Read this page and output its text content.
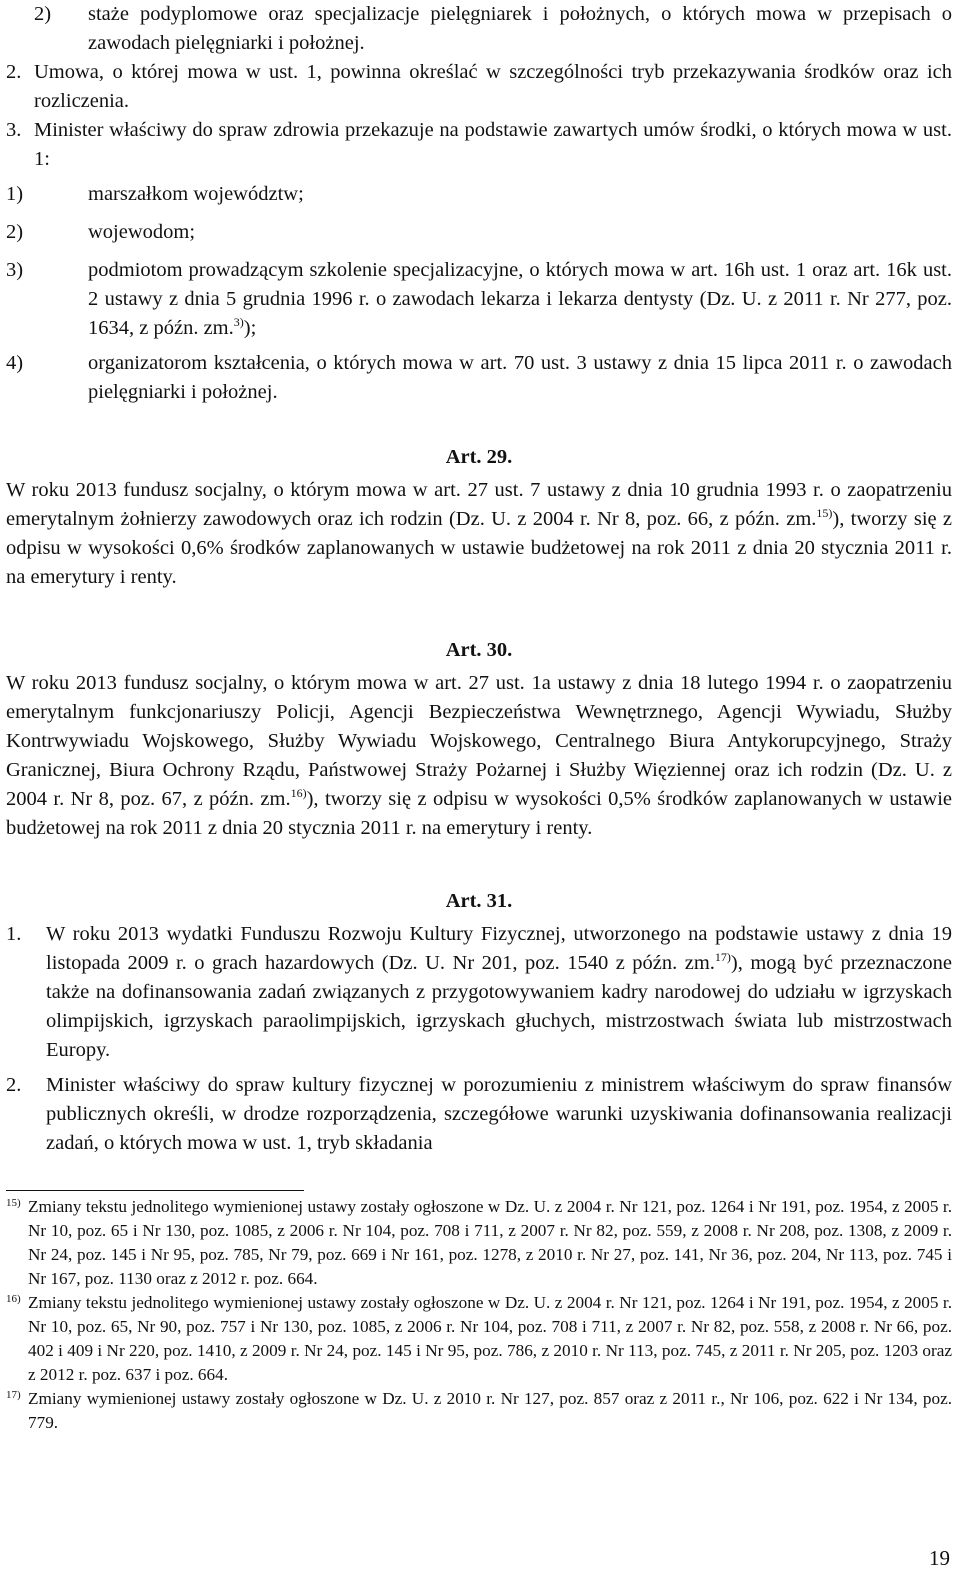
2)	staże podyplomowe oraz specjalizacje pielęgniarek i położnych, o których mowa w przepisach o zawodach pielęgniarki i położnej.
2. Umowa, o której mowa w ust. 1, powinna określać w szczególności tryb przekazywania środków oraz ich rozliczenia.
3. Minister właściwy do spraw zdrowia przekazuje na podstawie zawartych umów środki, o których mowa w ust. 1:
1)	marszałkom województw;
2)	wojewodom;
3)	podmiotom prowadzącym szkolenie specjalizacyjne, o których mowa w art. 16h ust. 1 oraz art. 16k ust. 2 ustawy z dnia 5 grudnia 1996 r. o zawodach lekarza i lekarza dentysty (Dz. U. z 2011 r. Nr 277, poz. 1634, z późn. zm.$^{3)}$);
4)	organizatorom kształcenia, o których mowa w art. 70 ust. 3 ustawy z dnia 15 lipca 2011 r. o zawodach pielęgniarki i położnej.
Art. 29.

W roku 2013 fundusz socjalny, o którym mowa w art. 27 ust. 7 ustawy z dnia 10 grudnia 1993 r. o zaopatrzeniu emerytalnym żołnierzy zawodowych oraz ich rodzin (Dz. U. z 2004 r. Nr 8, poz. 66, z późn. zm.$^{15)}$), tworzy się z odpisu w wysokości 0,6% środków zaplanowanych w ustawie budżetowej na rok 2011 z dnia 20 stycznia 2011 r. na emerytury i renty.

Art. 30.

W roku 2013 fundusz socjalny, o którym mowa w art. 27 ust. 1a ustawy z dnia 18 lutego 1994 r. o zaopatrzeniu emerytalnym funkcjonariuszy Policji, Agencji Bezpieczeństwa Wewnętrznego, Agencji Wywiadu, Służby Kontrwywiadu Wojskowego, Służby Wywiadu Wojskowego, Centralnego Biura Antykorupcyjnego, Straży Granicznej, Biura Ochrony Rządu, Państwowej Straży Pożarnej i Służby Więziennej oraz ich rodzin (Dz. U. z 2004 r. Nr 8, poz. 67, z późn. zm.$^{16)}$), tworzy się z odpisu w wysokości 0,5% środków zaplanowanych w ustawie budżetowej na rok 2011 z dnia 20 stycznia 2011 r. na emerytury i renty.

Art. 31.
1.	W roku 2013 wydatki Funduszu Rozwoju Kultury Fizycznej, utworzonego na podstawie ustawy z dnia 19 listopada 2009 r. o grach hazardowych (Dz. U. Nr 201, poz. 1540 z późn. zm.$^{17)}$), mogą być przeznaczone także na dofinansowania zadań związanych z przygotowywaniem kadry narodowej do udziału w igrzyskach olimpijskich, igrzyskach paraolimpijskich, igrzyskach głuchych, mistrzostwach świata lub mistrzostwach Europy.
2.	Minister właściwy do spraw kultury fizycznej w porozumieniu z ministrem właściwym do spraw finansów publicznych określi, w drodze rozporządzenia, szczegółowe warunki uzyskiwania dofinansowania realizacji zadań, o których mowa w ust. 1, tryb składania
15) Zmiany tekstu jednolitego wymienionej ustawy zostały ogłoszone w Dz. U. z 2004 r. Nr 121, poz. 1264 i Nr 191, poz. 1954, z 2005 r. Nr 10, poz. 65 i Nr 130, poz. 1085, z 2006 r. Nr 104, poz. 708 i 711, z 2007 r. Nr 82, poz. 559, z 2008 r. Nr 208, poz. 1308, z 2009 r. Nr 24, poz. 145 i Nr 95, poz. 785, Nr 79, poz. 669 i Nr 161, poz. 1278, z 2010 r. Nr 27, poz. 141, Nr 36, poz. 204, Nr 113, poz. 745 i Nr 167, poz. 1130 oraz z 2012 r. poz. 664.
16) Zmiany tekstu jednolitego wymienionej ustawy zostały ogłoszone w Dz. U. z 2004 r. Nr 121, poz. 1264 i Nr 191, poz. 1954, z 2005 r. Nr 10, poz. 65, Nr 90, poz. 757 i Nr 130, poz. 1085, z 2006 r. Nr 104, poz. 708 i 711, z 2007 r. Nr 82, poz. 558, z 2008 r. Nr 66, poz. 402 i 409 i Nr 220, poz. 1410, z 2009 r. Nr 24, poz. 145 i Nr 95, poz. 786, z 2010 r. Nr 113, poz. 745, z 2011 r. Nr 205, poz. 1203 oraz z 2012 r. poz. 637 i poz. 664.
17) Zmiany wymienionej ustawy zostały ogłoszone w Dz. U. z 2010 r. Nr 127, poz. 857 oraz z 2011 r., Nr 106, poz. 622 i Nr 134, poz. 779.
19
